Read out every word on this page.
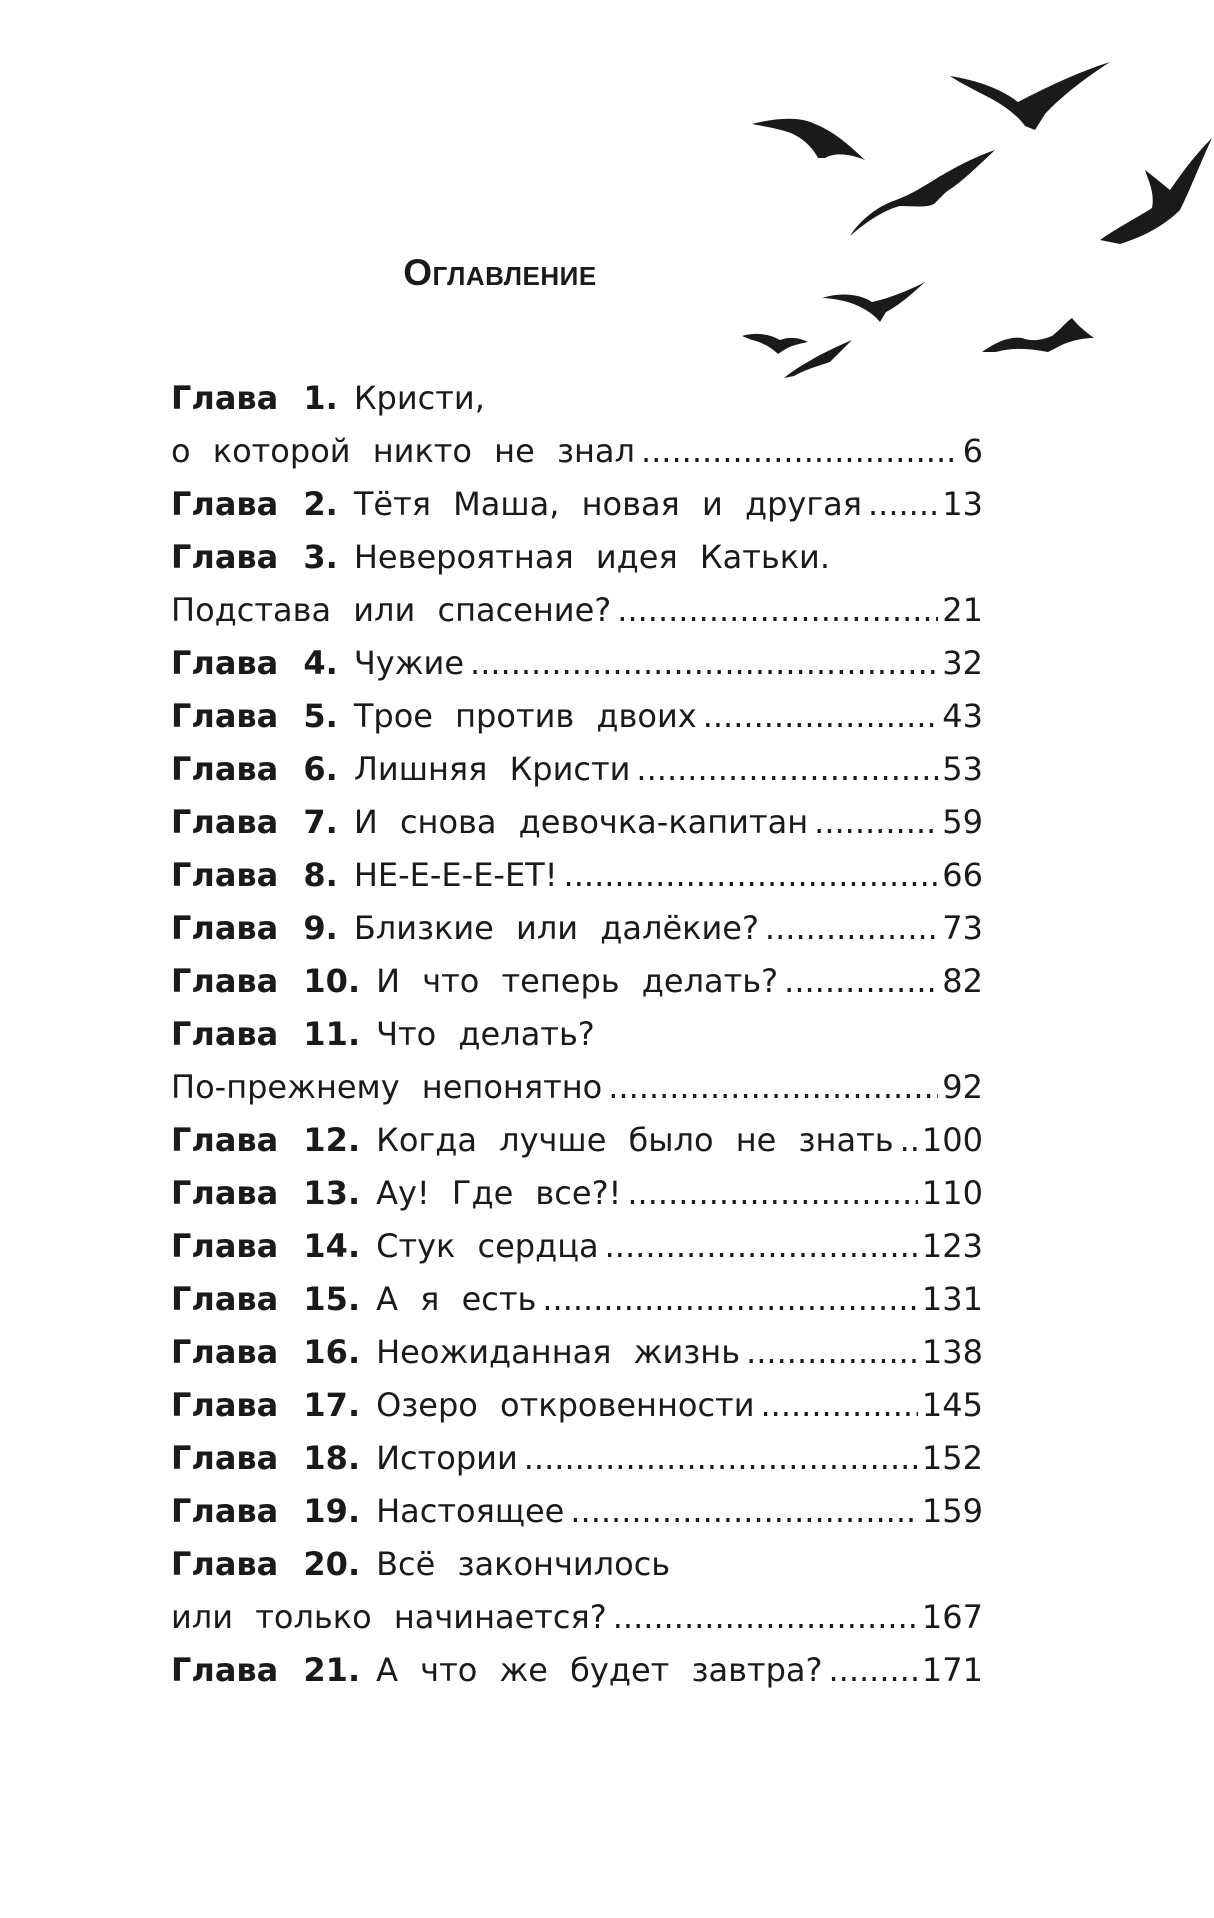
Оглавление
Глава 1. Кристи,
о которой никто не знал .....	6
Глава 2. Тётя Маша, новая и другая .....	13
Глава 3. Невероятная идея Катьки.
Подстава или спасение? .....	21
Глава 4. Чужие .....	32
Глава 5. Трое против двоих .....	43
Глава 6. Лишняя Кристи .....	53
Глава 7. И снова девочка-капитан .....	59
Глава 8. НЕ-Е-Е-Е-ЕТ! .....	66
Глава 9. Близкие или далёкие? .....	73
Глава 10. И что теперь делать? .....	82
Глава 11. Что делать?
По-прежнему непонятно .....	92
Глава 12. Когда лучше было не знать ..... 100
Глава 13. Ау! Где все?! .....	110
Глава 14. Стук сердца .....	123
Глава 15. А я есть .....	131
Глава 16. Неожиданная жизнь .....	138
Глава 17. Озеро откровенности .....	145
Глава 18. Истории .....	152
Глава 19. Настоящее .....	159
Глава 20. Всё закончилось
или только начинается? .....	167
Глава 21. А что же будет завтра? .....	171
